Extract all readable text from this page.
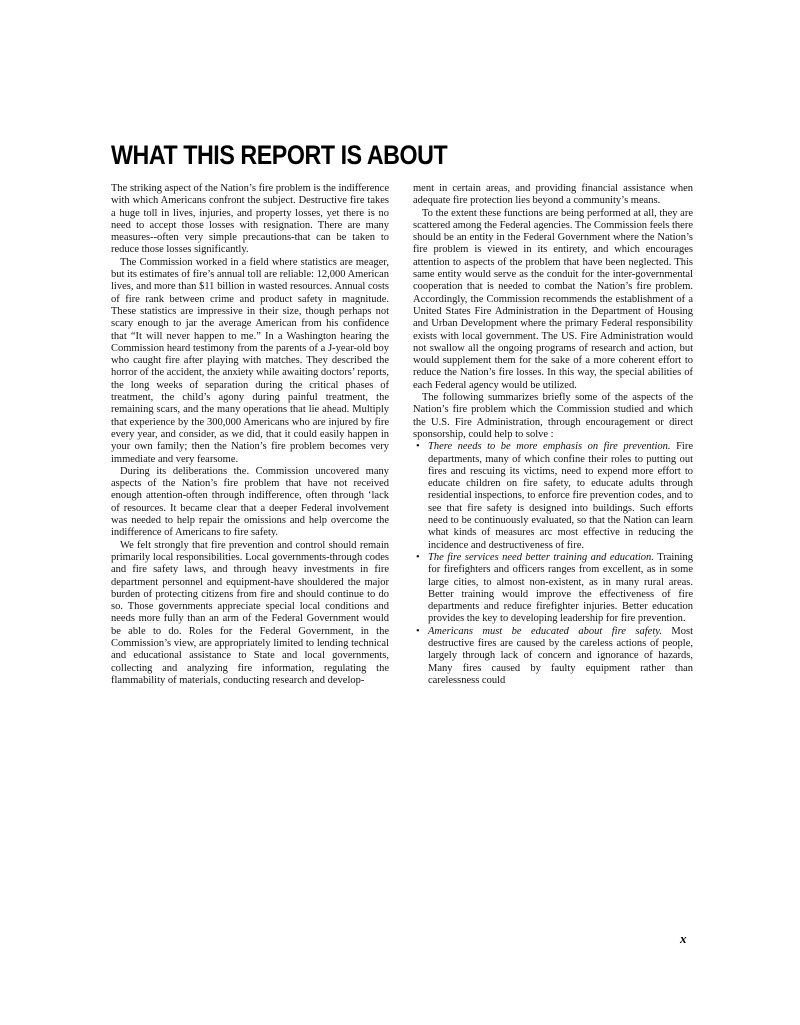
WHAT THIS REPORT IS ABOUT

The striking aspect of the Nation’s fire problem is the indifference with which Americans confront the subject. Destructive fire takes a huge toll in lives, injuries, and property losses, yet there is no need to accept those losses with resignation. There are many measures--often very simple precautions-that can be taken to reduce those losses significantly.

The Commission worked in a field where statistics are meager, but its estimates of fire’s annual toll are reliable: 12,000 American lives, and more than $11 billion in wasted resources. Annual costs of fire rank between crime and product safety in magnitude. These statistics are impressive in their size, though perhaps not scary enough to jar the average American from his confidence that “It will never happen to me.” In a Washington hearing the Commission heard testimony from the parents of a J-year-old boy who caught fire after playing with matches. They described the horror of the accident, the anxiety while awaiting doctors’ reports, the long weeks of separation during the critical phases of treatment, the child’s agony during painful treatment, the remaining scars, and the many operations that lie ahead. Multiply that experience by the 300,000 Americans who are injured by fire every year, and consider, as we did, that it could easily happen in your own family; then the Nation’s fire problem becomes very immediate and very fearsome.

During its deliberations the. Commission uncovered many aspects of the Nation’s fire problem that have not received enough attention-often through indifference, often through ‘lack of resources. It became clear that a deeper Federal involvement was needed to help repair the omissions and help overcome the indifference of Americans to fire safety.

We felt strongly that fire prevention and control should remain primarily local responsibilities. Local governments-through codes and fire safety laws, and through heavy investments in fire department personnel and equipment-have shouldered the major burden of protecting citizens from fire and should continue to do so. Those governments appreciate special local conditions and needs more fully than an arm of the Federal Government would be able to do. Roles for the Federal Government, in the Commission’s view, are appropriately limited to lending technical and educational assistance to State and local governments, collecting and analyzing fire information, regulating the flammability of materials, conducting research and develop-

ment in certain areas, and providing financial assistance when adequate fire protection lies beyond a community’s means.

To the extent these functions are being performed at all, they are scattered among the Federal agencies. The Commission feels there should be an entity in the Federal Government where the Nation’s fire problem is viewed in its entirety, and which encourages attention to aspects of the problem that have been neglected. This same entity would serve as the conduit for the inter-governmental cooperation that is needed to combat the Nation’s fire problem. Accordingly, the Commission recommends the establishment of a United States Fire Administration in the Department of Housing and Urban Development where the primary Federal responsibility exists with local government. The US. Fire Administration would not swallow all the ongoing programs of research and action, but would supplement them for the sake of a more coherent effort to reduce the Nation’s fire losses. In this way, the special abilities of each Federal agency would be utilized.

The following summarizes briefly some of the aspects of the Nation’s fire problem which the Commission studied and which the U.S. Fire Administration, through encouragement or direct sponsorship, could help to solve :

• There needs to be more emphasis on fire prevention. Fire departments, many of which confine their roles to putting out fires and rescuing its victims, need to expend more effort to educate children on fire safety, to educate adults through residential inspections, to enforce fire prevention codes, and to see that fire safety is designed into buildings. Such efforts need to be continuously evaluated, so that the Nation can learn what kinds of measures arc most effective in reducing the incidence and destructiveness of fire.
• The fire services need better training and education. Training for firefighters and officers ranges from excellent, as in some large cities, to almost non-existent, as in many rural areas. Better training would improve the effectiveness of fire departments and reduce firefighter injuries. Better education provides the key to developing leadership for fire prevention.
• Americans must be educated about fire safety. Most destructive fires are caused by the careless actions of people, largely through lack of concern and ignorance of hazards, Many fires caused by faulty equipment rather than carelessness could

x
